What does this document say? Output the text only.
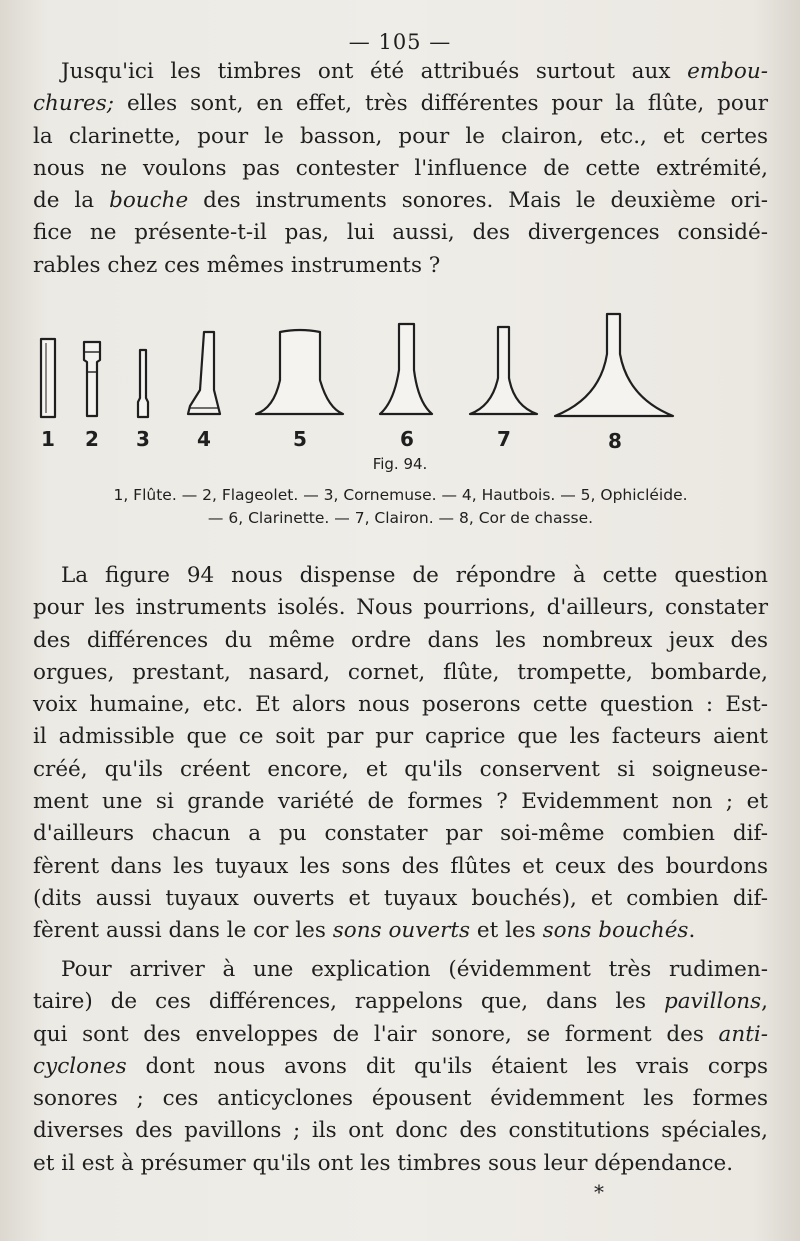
— 105 —
Jusqu'ici les timbres ont été attribués surtout aux embou-
chures; elles sont, en effet, très différentes pour la flûte, pour
la clarinette, pour le basson, pour le clairon, etc., et certes
nous ne voulons pas contester l'influence de cette extrémité,
de la bouche des instruments sonores. Mais le deuxième ori-
fice ne présente-t-il pas, lui aussi, des divergences considé-
rables chez ces mêmes instruments ?
1 2 3 4	5	6	7	8
Fig. 94.
1, Flûte. — 2, Flageolet. — 3, Cornemuse. — 4, Hautbois. — 5, Ophicléide.
— 6, Clarinette. — 7, Clairon. — 8, Cor de chasse.
La figure 94 nous dispense de répondre à cette question
pour les instruments isolés. Nous pourrions, d'ailleurs, constater
des différences du même ordre dans les nombreux jeux des
orgues, prestant, nasard, cornet, flûte, trompette, bombarde,
voix humaine, etc. Et alors nous poserons cette question : Est-
il admissible que ce soit par pur caprice que les facteurs aient
créé, qu'ils créent encore, et qu'ils conservent si soigneuse-
ment une si grande variété de formes ? Evidemment non ; et
d'ailleurs chacun a pu constater par soi-même combien dif-
fèrent dans les tuyaux les sons des flûtes et ceux des bourdons
(dits aussi tuyaux ouverts et tuyaux bouchés), et combien dif-
fèrent aussi dans le cor les sons ouverts et les sons bouchés.
Pour arriver à une explication (évidemment très rudimen-
taire) de ces différences, rappelons que, dans les pavillons,
qui sont des enveloppes de l'air sonore, se forment des anti-
cyclones dont nous avons dit qu'ils étaient les vrais corps
sonores ; ces anticyclones épousent évidemment les formes
diverses des pavillons ; ils ont donc des constitutions spéciales,
et il est à présumer qu'ils ont les timbres sous leur dépendance.
*
